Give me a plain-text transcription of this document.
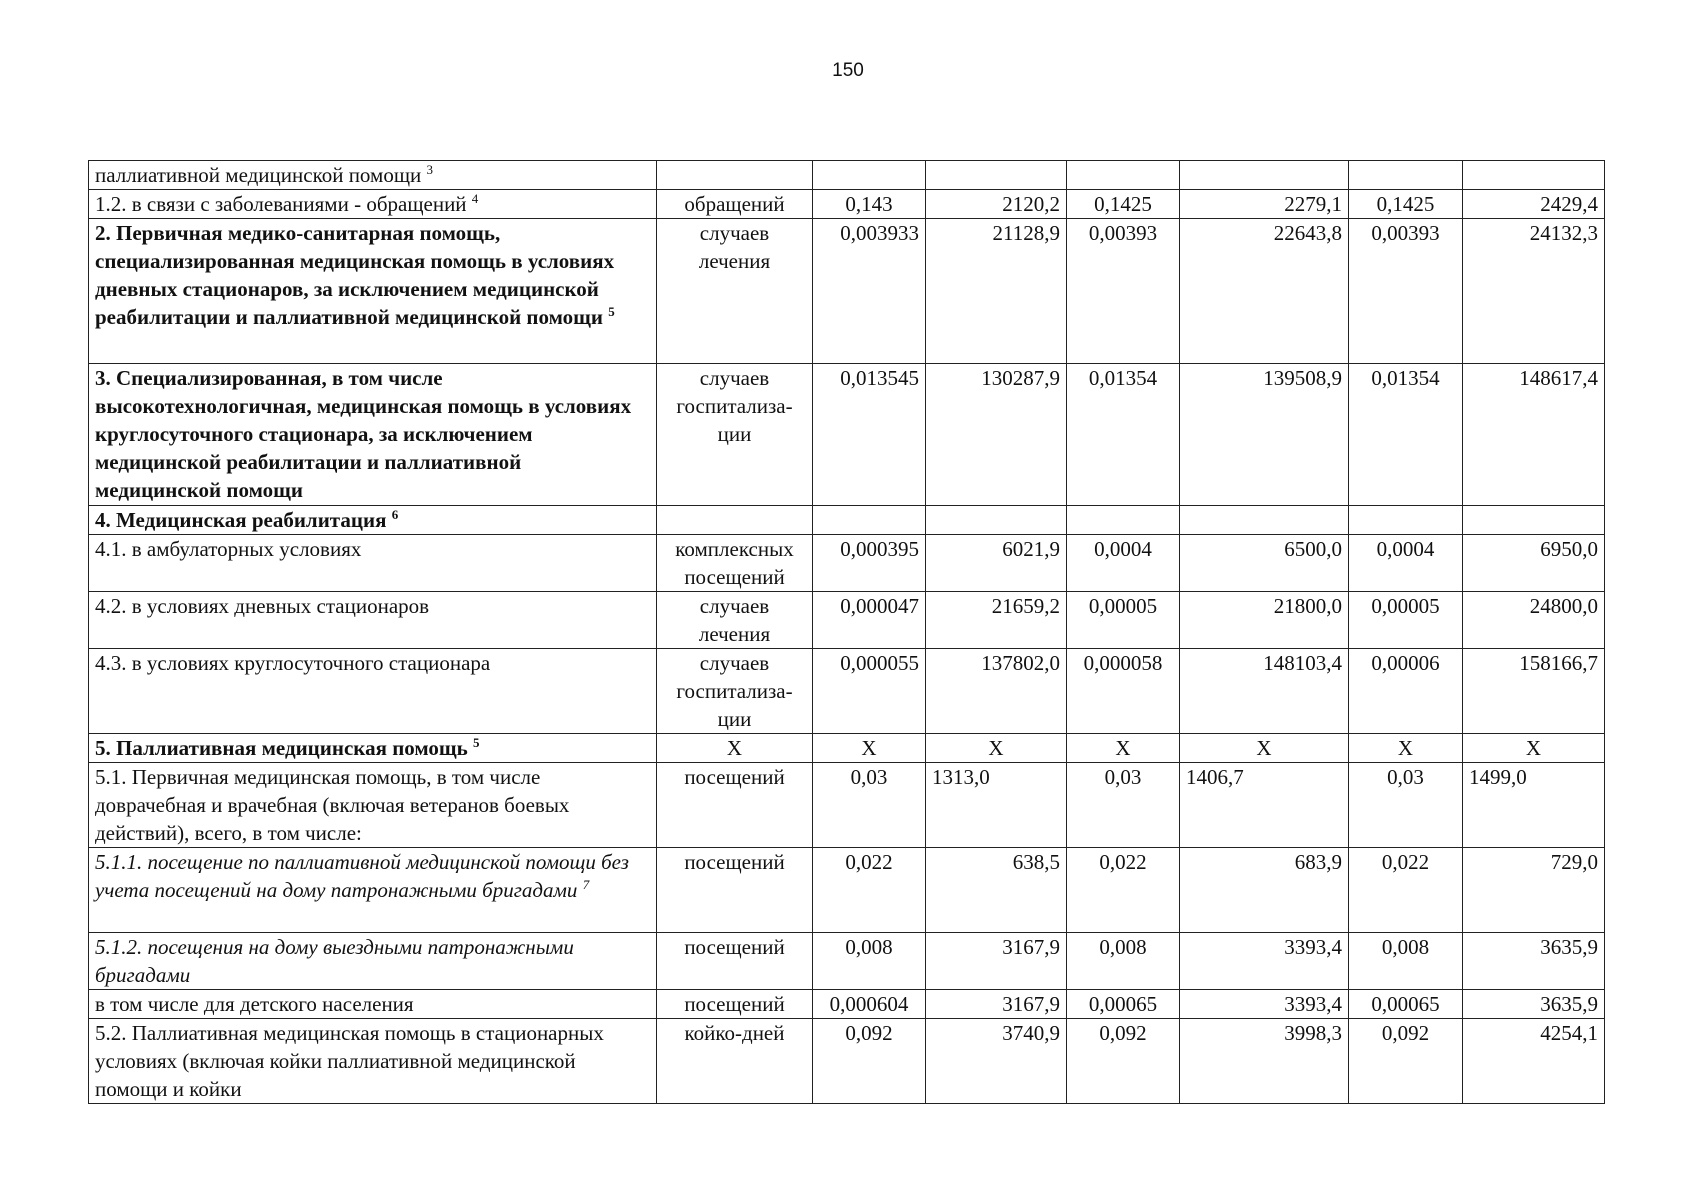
150
паллиативной медицинской помощи $^3$							
1.2. в связи с заболеваниями - обращений $^4$	обращений	0,143	2120,2	0,1425	2279,1	0,1425	2429,4
2. Первичная медико-санитарная помощь, специализированная медицинская помощь в условиях дневных стационаров, за исключением медицинской реабилитации и паллиативной медицинской помощи $^5$	случаев лечения	0,003933	21128,9	0,00393	22643,8	0,00393	24132,3
3. Специализированная, в том числе высокотехнологичная, медицинская помощь в условиях круглосуточного стационара, за исключением медицинской реабилитации и паллиативной медицинской помощи	случаев госпитализа-ции	0,013545	130287,9	0,01354	139508,9	0,01354	148617,4
4. Медицинская реабилитация $^6$							
4.1. в амбулаторных условиях	комплексных посещений	0,000395	6021,9	0,0004	6500,0	0,0004	6950,0
4.2. в условиях дневных стационаров	случаев лечения	0,000047	21659,2	0,00005	21800,0	0,00005	24800,0
4.3. в условиях круглосуточного стационара	случаев госпитализа-ции	0,000055	137802,0	0,000058	148103,4	0,00006	158166,7
5. Паллиативная медицинская помощь $^5$	Х	Х	Х	Х	Х	Х	Х
5.1. Первичная медицинская помощь, в том числе доврачебная и врачебная (включая ветеранов боевых действий), всего, в том числе:	посещений	0,03	1313,0	0,03	1406,7	0,03	1499,0
5.1.1. посещение по паллиативной медицинской помощи без учета посещений на дому патронажными бригадами $^7$	посещений	0,022	638,5	0,022	683,9	0,022	729,0
5.1.2. посещения на дому выездными патронажными бригадами	посещений	0,008	3167,9	0,008	3393,4	0,008	3635,9
в том числе для детского населения	посещений	0,000604	3167,9	0,00065	3393,4	0,00065	3635,9
5.2. Паллиативная медицинская помощь в стационарных условиях (включая койки паллиативной медицинской помощи и койки	койко-дней	0,092	3740,9	0,092	3998,3	0,092	4254,1
